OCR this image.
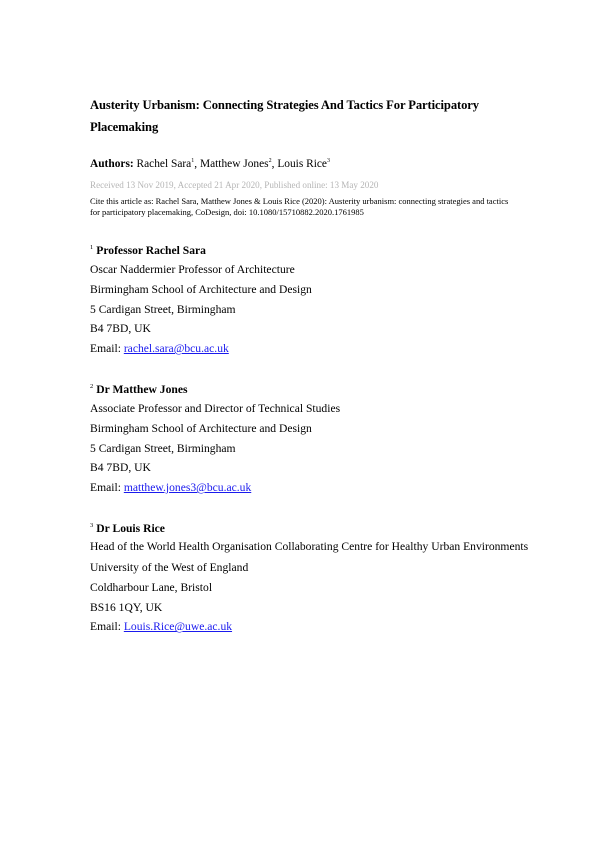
Austerity Urbanism: Connecting Strategies And Tactics For Participatory Placemaking
Authors: Rachel Sara$^1$, Matthew Jones$^2$, Louis Rice$^3$
Received 13 Nov 2019, Accepted 21 Apr 2020, Published online: 13 May 2020
Cite this article as: Rachel Sara, Matthew Jones & Louis Rice (2020): Austerity urbanism: connecting strategies and tactics for participatory placemaking, CoDesign, doi: 10.1080/15710882.2020.1761985
$^1$ Professor Rachel Sara
Oscar Naddermier Professor of Architecture
Birmingham School of Architecture and Design
5 Cardigan Street, Birmingham
B4 7BD, UK
Email: rachel.sara@bcu.ac.uk
$^2$ Dr Matthew Jones
Associate Professor and Director of Technical Studies
Birmingham School of Architecture and Design
5 Cardigan Street, Birmingham
B4 7BD, UK
Email: matthew.jones3@bcu.ac.uk
$^3$ Dr Louis Rice
Head of the World Health Organisation Collaborating Centre for Healthy Urban Environments
University of the West of England
Coldharbour Lane, Bristol
BS16 1QY, UK
Email: Louis.Rice@uwe.ac.uk
